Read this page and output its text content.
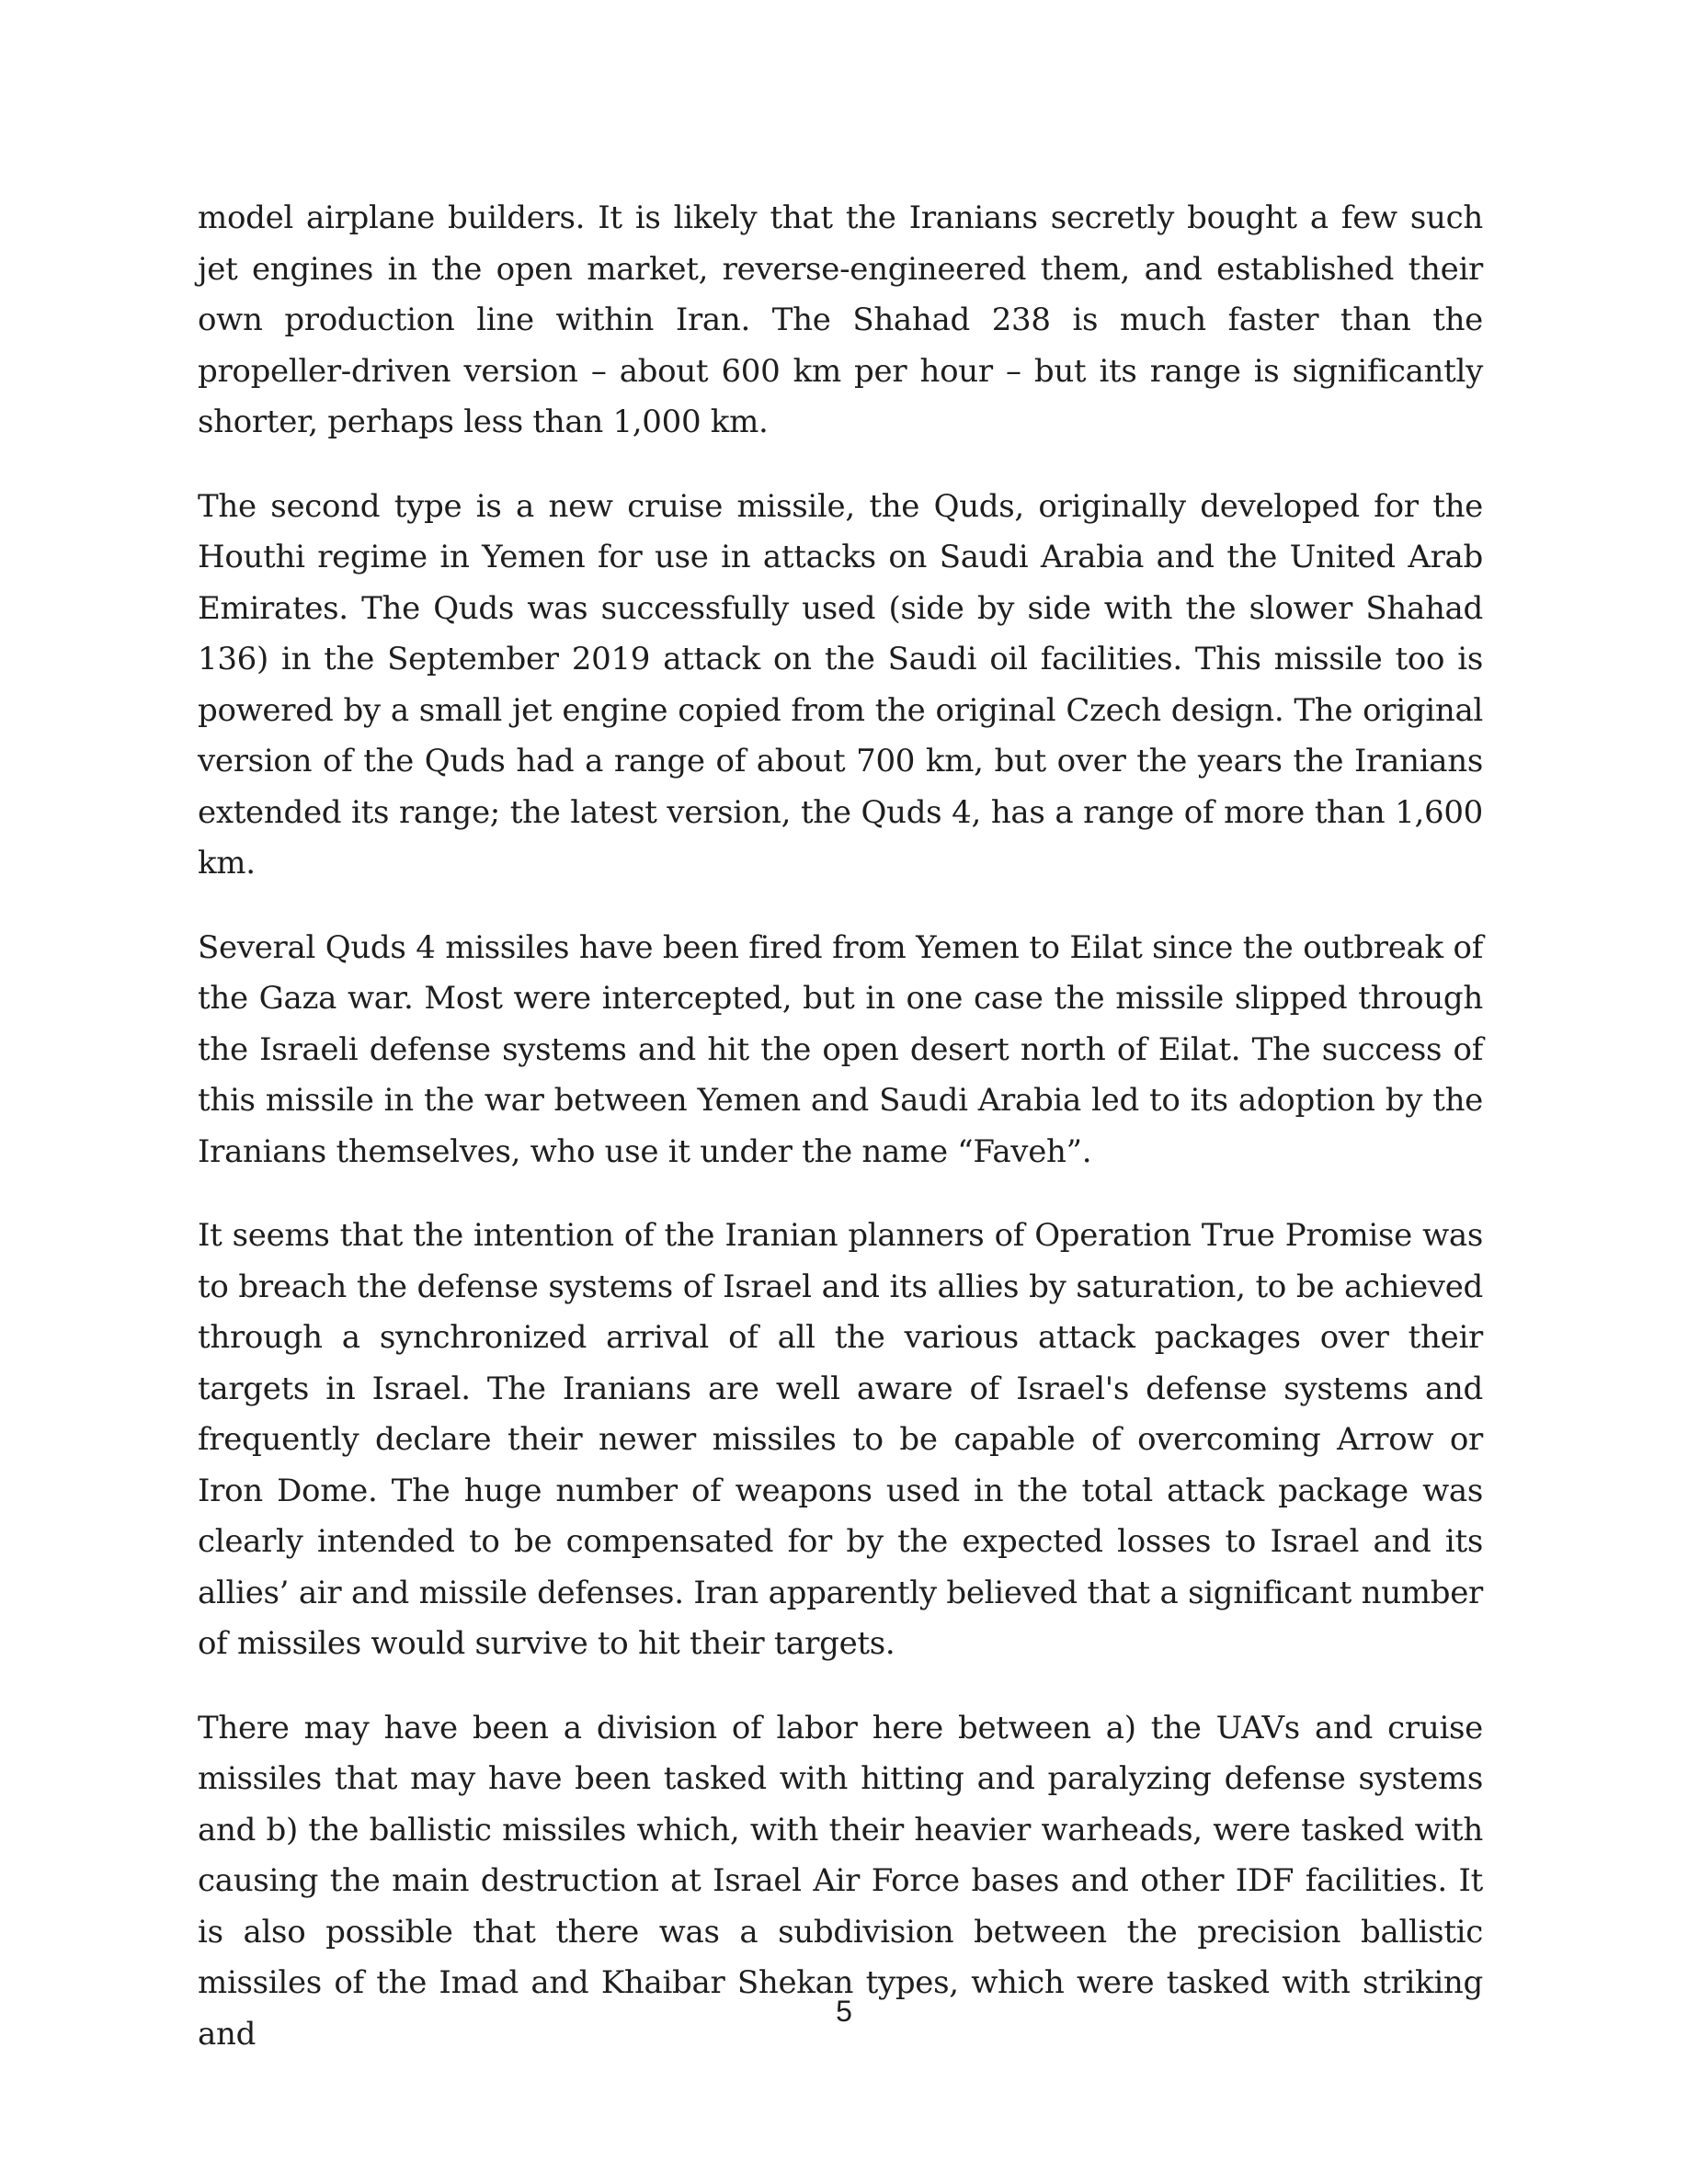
model airplane builders. It is likely that the Iranians secretly bought a few such jet engines in the open market, reverse-engineered them, and established their own production line within Iran. The Shahad 238 is much faster than the propeller-driven version – about 600 km per hour – but its range is significantly shorter, perhaps less than 1,000 km.

The second type is a new cruise missile, the Quds, originally developed for the Houthi regime in Yemen for use in attacks on Saudi Arabia and the United Arab Emirates. The Quds was successfully used (side by side with the slower Shahad 136) in the September 2019 attack on the Saudi oil facilities. This missile too is powered by a small jet engine copied from the original Czech design. The original version of the Quds had a range of about 700 km, but over the years the Iranians extended its range; the latest version, the Quds 4, has a range of more than 1,600 km.

Several Quds 4 missiles have been fired from Yemen to Eilat since the outbreak of the Gaza war. Most were intercepted, but in one case the missile slipped through the Israeli defense systems and hit the open desert north of Eilat. The success of this missile in the war between Yemen and Saudi Arabia led to its adoption by the Iranians themselves, who use it under the name “Faveh”.

It seems that the intention of the Iranian planners of Operation True Promise was to breach the defense systems of Israel and its allies by saturation, to be achieved through a synchronized arrival of all the various attack packages over their targets in Israel. The Iranians are well aware of Israel's defense systems and frequently declare their newer missiles to be capable of overcoming Arrow or Iron Dome. The huge number of weapons used in the total attack package was clearly intended to be compensated for by the expected losses to Israel and its allies’ air and missile defenses. Iran apparently believed that a significant number of missiles would survive to hit their targets.

There may have been a division of labor here between a) the UAVs and cruise missiles that may have been tasked with hitting and paralyzing defense systems and b) the ballistic missiles which, with their heavier warheads, were tasked with causing the main destruction at Israel Air Force bases and other IDF facilities. It is also possible that there was a subdivision between the precision ballistic missiles of the Imad and Khaibar Shekan types, which were tasked with striking and

5
